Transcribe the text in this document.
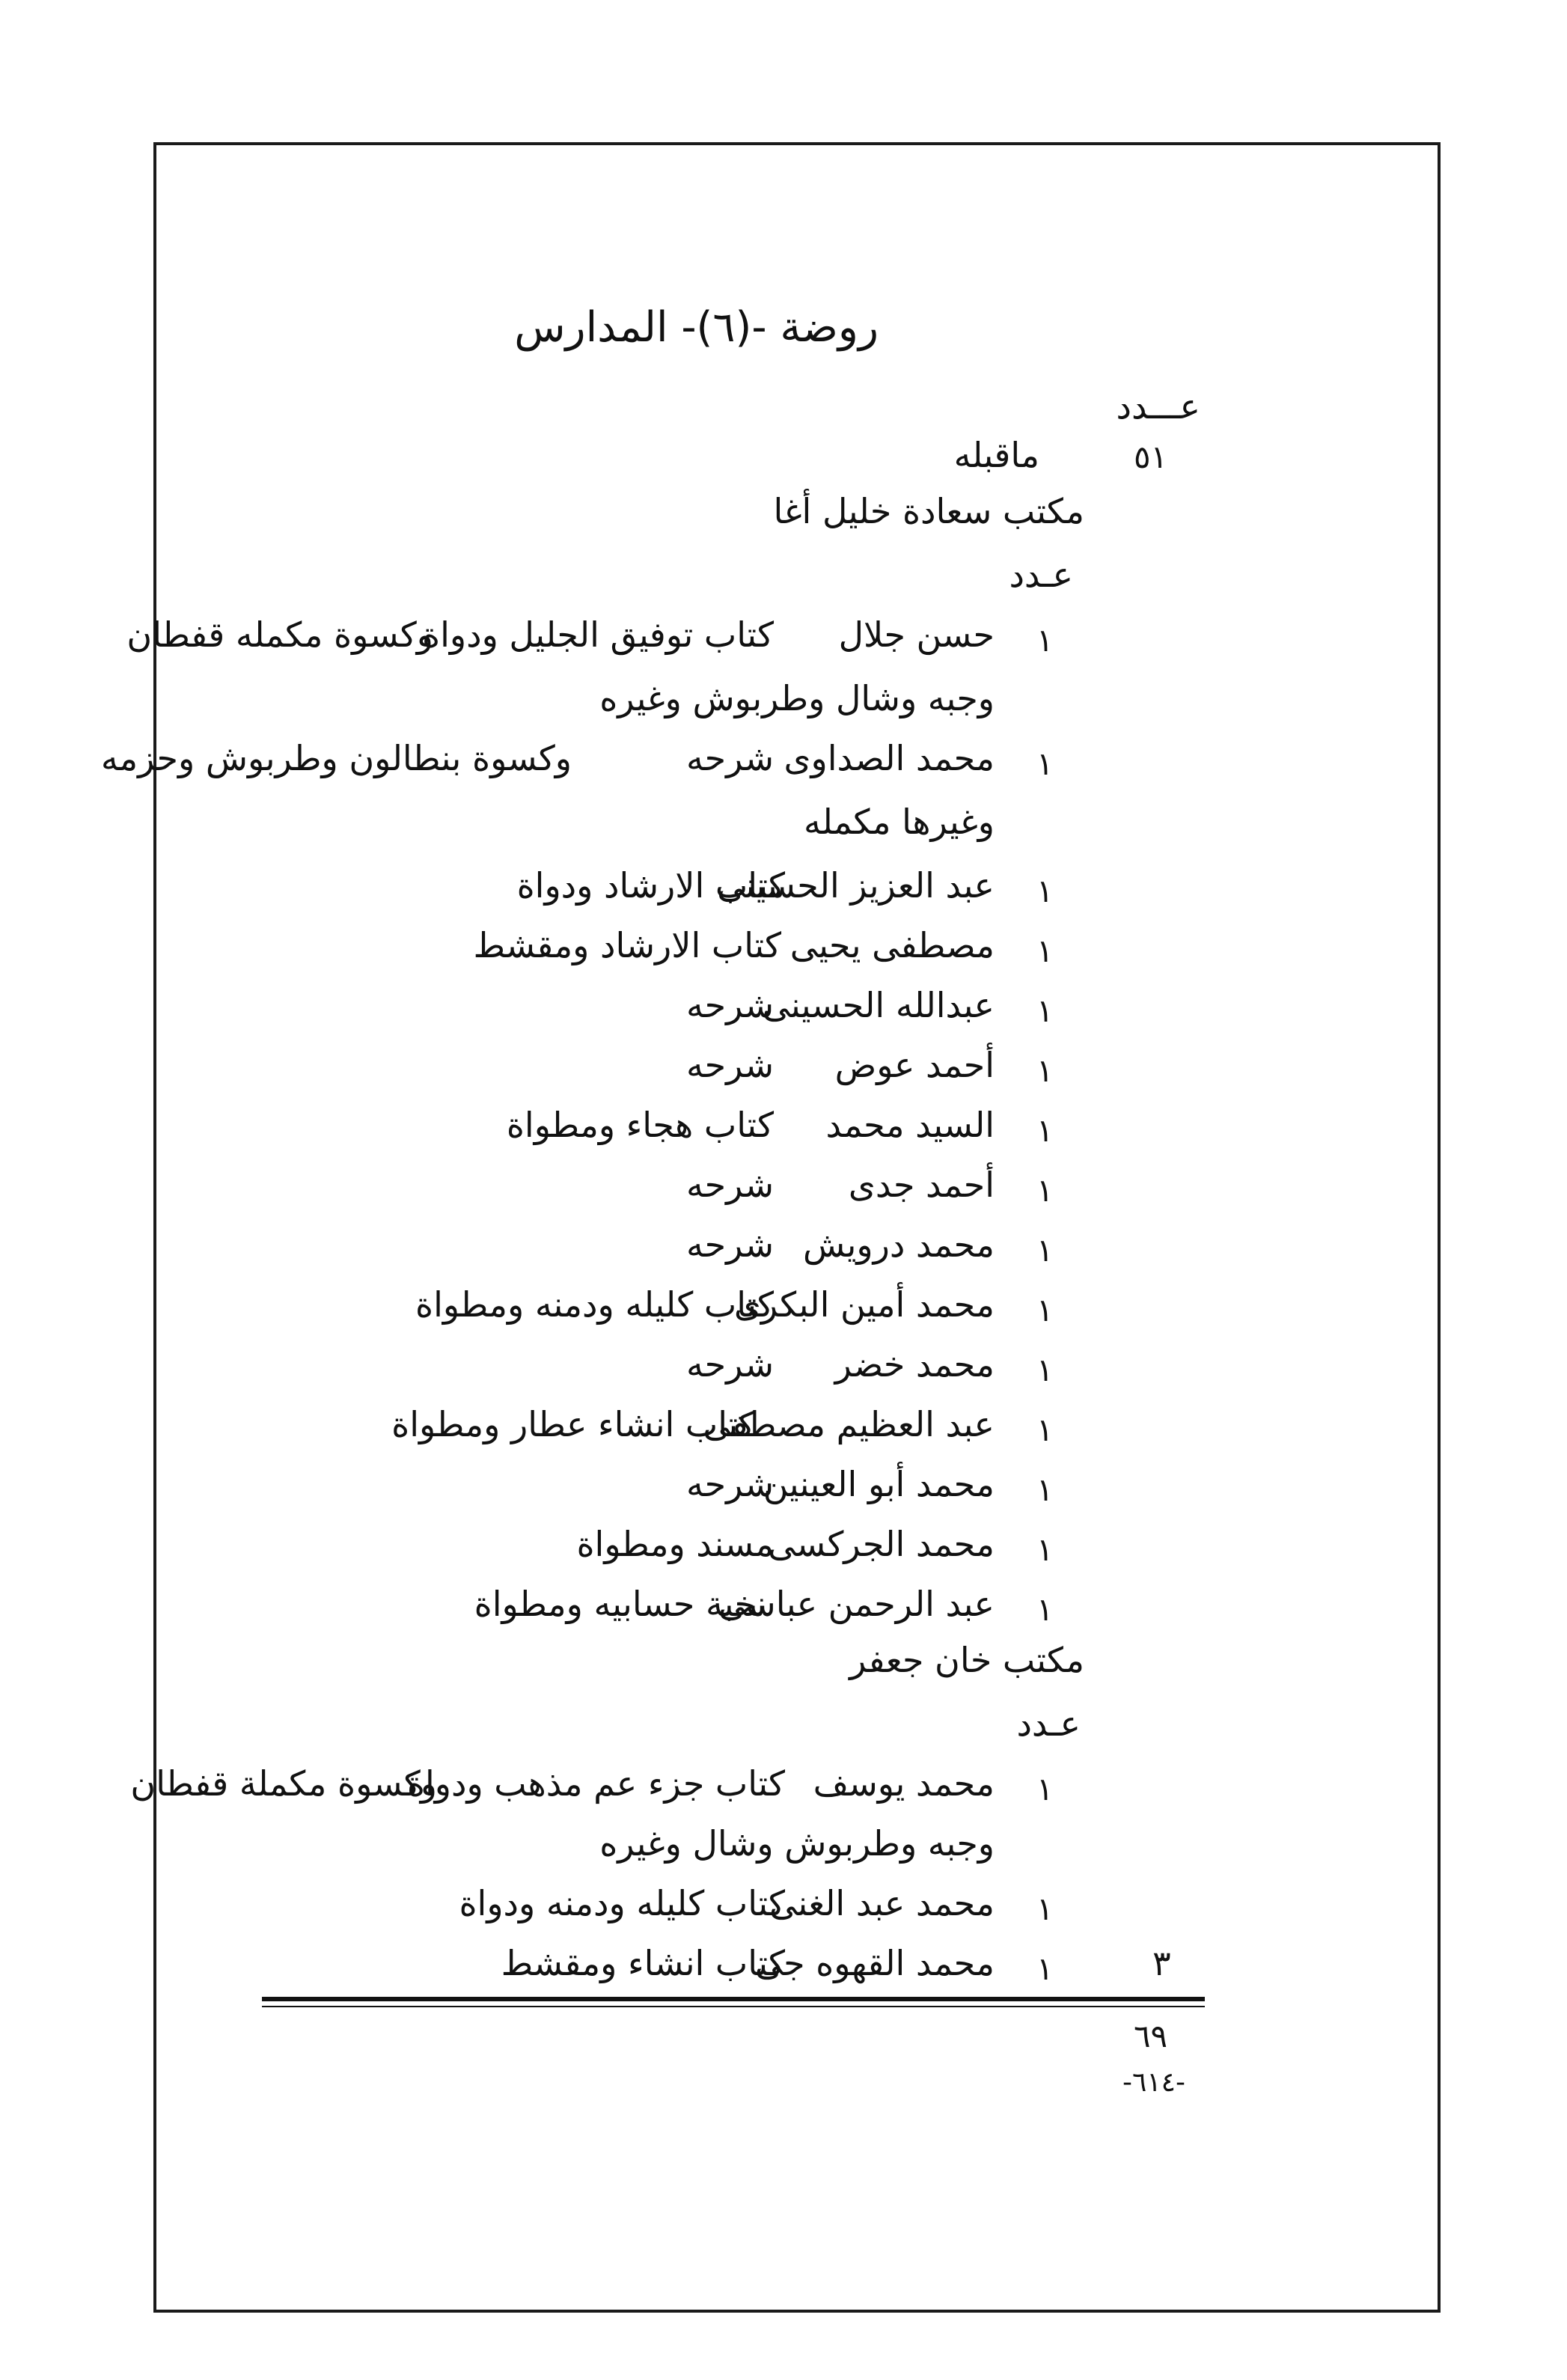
روضة -(٦)- المدارس
عـــدد
٥١
ماقبله
مكتب سعادة خليل أغا
عـدد
١
حسن جلال
كتاب توفيق الجليل ودواة
وكسوة مكمله قفطان
وجبه وشال وطربوش وغيره
١
محمد الصداوى
شرحه
وكسوة بنطالون وطربوش وحزمه
وغيرها مكمله
١
عبد العزيز الحسينى
كتاب الارشاد ودواة
١
مصطفى يحيى
كتاب الارشاد ومقشط
١
عبدالله الحسينى
شرحه
١
أحمد عوض
شرحه
١
السيد محمد
كتاب هجاء ومطواة
١
أحمد جدى
شرحه
١
محمد درويش
شرحه
١
محمد أمين البكرى
كتاب كليله ودمنه ومطواة
١
محمد خضر
شرحه
١
عبد العظيم مصطفى
كتاب انشاء عطار ومطواة
١
محمد أبو العينين
شرحه
١
محمد الجركسى
مسند ومطواة
١
عبد الرحمن عباسى
نخبة حسابيه ومطواة
مكتب خان جعفر
عـدد
١
محمد يوسف
كتاب جزء عم مذهب ودواة
وكسوة مكملة قفطان
وجبه وطربوش وشال وغيره
١
محمد عبد الغنى
كتاب كليله ودمنه ودواة
١
محمد القهوه جى
كتاب انشاء ومقشط	٣
٦٩
-٦١٤-
